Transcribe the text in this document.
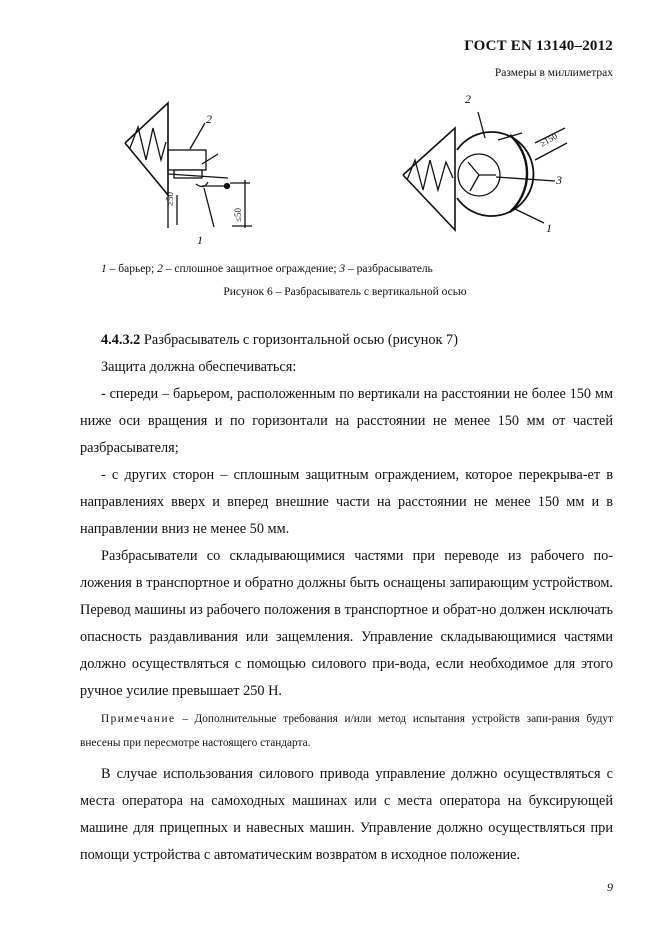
ГОСТ EN 13140–2012
Размеры в миллиметрах
2
1
≥50
≤50
2
≥150
3
1
1 – барьер; 2 – сплошное защитное ограждение; 3 – разбрасыватель
Рисунок 6 – Разбрасыватель с вертикальной осью

4.4.3.2 Разбрасыватель с горизонтальной осью (рисунок 7)

Защита должна обеспечиваться:

- спереди – барьером, расположенным по вертикали на расстоянии не более 150 мм ниже оси вращения и по горизонтали на расстоянии не менее 150 мм от частей разбрасывателя;

- с других сторон – сплошным защитным ограждением, которое перекрыва-ет в направлениях вверх и вперед внешние части на расстоянии не менее 150 мм и в направлении вниз не менее 50 мм.

Разбрасыватели со складывающимися частями при переводе из рабочего по-ложения в транспортное и обратно должны быть оснащены запирающим устройством. Перевод машины из рабочего положения в транспортное и обрат-но должен исключать опасность раздавливания или защемления. Управление складывающимися частями должно осуществляться с помощью силового при-вода, если необходимое для этого ручное усилие превышает 250 Н.

Примечание – Дополнительные требования и/или метод испытания устройств запи-рания будут внесены при пересмотре настоящего стандарта.

В случае использования силового привода управление должно осуществляться с места оператора на самоходных машинах или с места оператора на буксирующей машине для прицепных и навесных машин. Управление должно осуществляться при помощи устройства с автоматическим возвратом в исходное положение.

9
